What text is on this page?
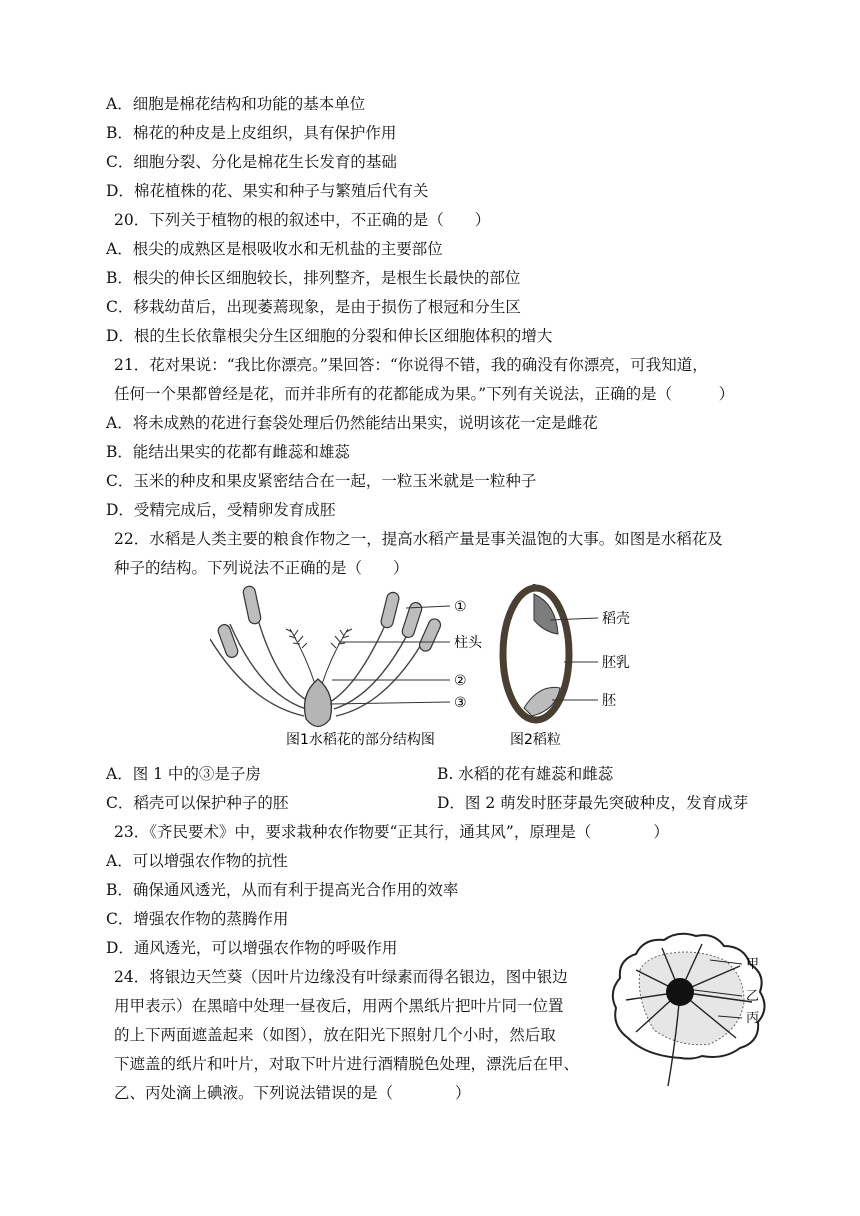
A．细胞是棉花结构和功能的基本单位
B．棉花的种皮是上皮组织，具有保护作用
C．细胞分裂、分化是棉花生长发育的基础
D．棉花植株的花、果实和种子与繁殖后代有关
20．下列关于植物的根的叙述中，不正确的是（　　）
A．根尖的成熟区是根吸收水和无机盐的主要部位
B．根尖的伸长区细胞较长，排列整齐，是根生长最快的部位
C．移栽幼苗后，出现萎蔫现象，是由于损伤了根冠和分生区
D．根的生长依靠根尖分生区细胞的分裂和伸长区细胞体积的增大
21．花对果说：“我比你漂亮。”果回答：“你说得不错，我的确没有你漂亮，可我知道，
任何一个果都曾经是花，而并非所有的花都能成为果。”下列有关说法，正确的是（　　　）
A．将未成熟的花进行套袋处理后仍然能结出果实，说明该花一定是雌花
B．能结出果实的花都有雌蕊和雄蕊
C．玉米的种皮和果皮紧密结合在一起，一粒玉米就是一粒种子
D．受精完成后，受精卵发育成胚
22．水稻是人类主要的粮食作物之一，提高水稻产量是事关温饱的大事。如图是水稻花及
种子的结构。下列说法不正确的是（　　）
①
柱头
②
③
图1水稻花的部分结构图
稻壳
胚乳
胚
图2稻粒
A．图 1 中的③是子房	B. 水稻的花有雄蕊和雌蕊
C．稻壳可以保护种子的胚	D．图 2 萌发时胚芽最先突破种皮，发育成芽
23．《齐民要术》中，要求栽种农作物要“正其行，通其风”，原理是（　　　　）
A．可以增强农作物的抗性
B．确保通风透光，从而有利于提高光合作用的效率
C．增强农作物的蒸腾作用
D．通风透光，可以增强农作物的呼吸作用
24．将银边天竺葵（因叶片边缘没有叶绿素而得名银边，图中银边
用甲表示）在黑暗中处理一昼夜后，用两个黑纸片把叶片同一位置
的上下两面遮盖起来（如图），放在阳光下照射几个小时，然后取
下遮盖的纸片和叶片，对取下叶片进行酒精脱色处理，漂洗后在甲、
乙、丙处滴上碘液。下列说法错误的是（　　　　）
甲
乙
丙
